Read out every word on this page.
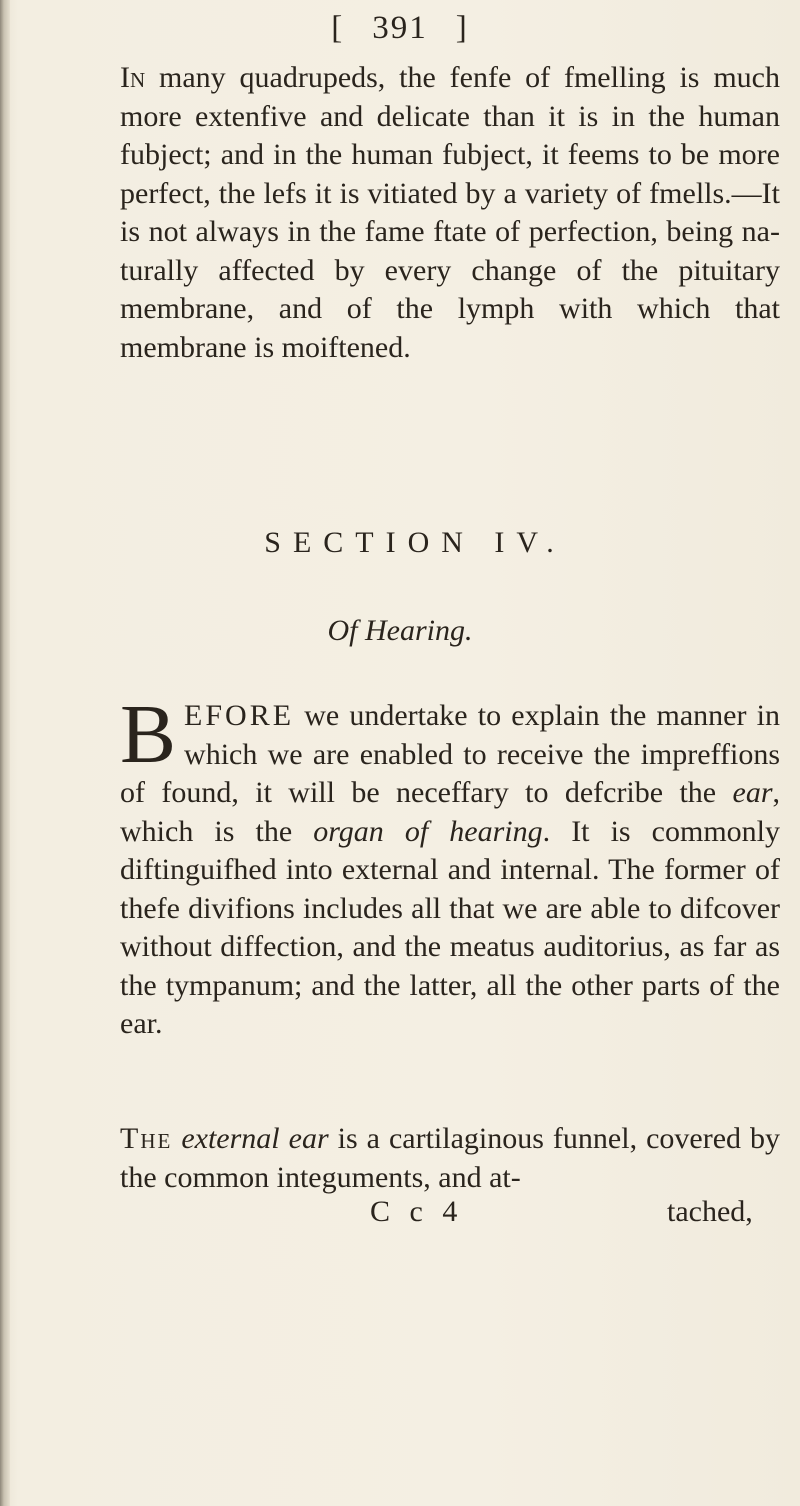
[ 391 ]
In many quadrupeds, the fenfe of fmelling is much more extenfive and delicate than it is in the human fubject; and in the human fubject, it feems to be more perfect, the lefs it is vitiated by a variety of fmells.—It is not always in the fame ftate of perfection, being naturally affected by every change of the pituitary membrane, and of the lymph with which that membrane is moiftened.
SECTION IV.
Of Hearing.
BEFORE we undertake to explain the manner in which we are enabled to receive the impreffions of found, it will be neceffary to defcribe the ear, which is the organ of hearing. It is commonly diftinguifhed into external and internal. The former of thefe divifions includes all that we are able to difcover without diffection, and the meatus auditorius, as far as the tympanum; and the latter, all the other parts of the ear.
The external ear is a cartilaginous funnel, covered by the common integuments, and at-
C c 4	tached,
